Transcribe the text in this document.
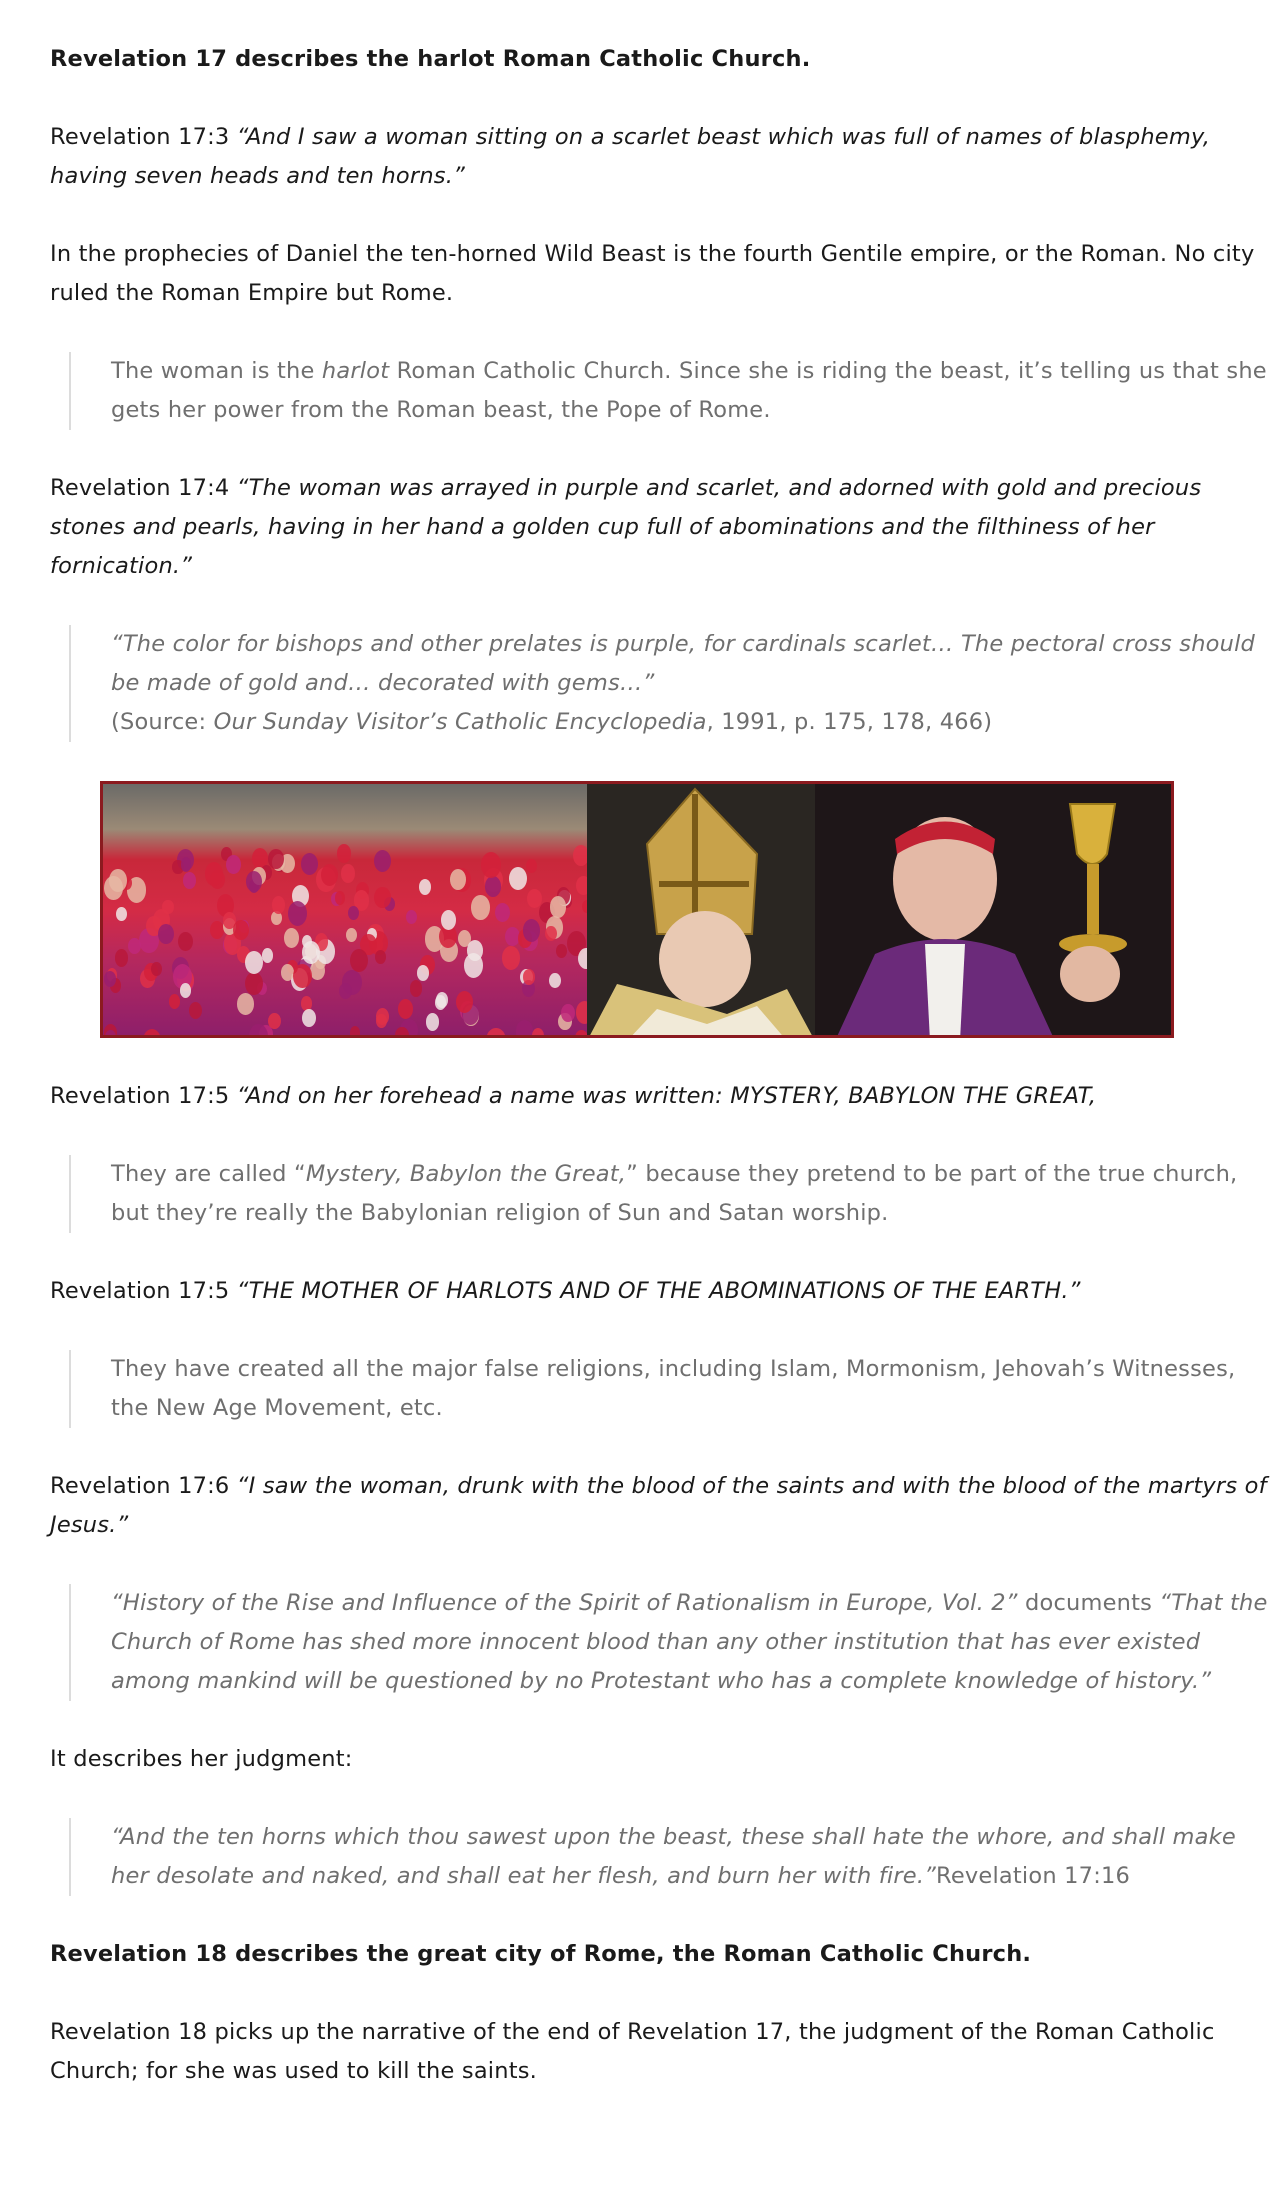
Revelation 17 describes the harlot Roman Catholic Church.

Revelation 17:3 “And I saw a woman sitting on a scarlet beast which was full of names of blasphemy, having seven heads and ten horns.”

In the prophecies of Daniel the ten-horned Wild Beast is the fourth Gentile empire, or the Roman. No city ruled the Roman Empire but Rome.

The woman is the harlot Roman Catholic Church. Since she is riding the beast, it’s telling us that she gets her power from the Roman beast, the Pope of Rome.

Revelation 17:4 “The woman was arrayed in purple and scarlet, and adorned with gold and precious stones and pearls, having in her hand a golden cup full of abominations and the filthiness of her fornication.”

“The color for bishops and other prelates is purple, for cardinals scarlet… The pectoral cross should be made of gold and… decorated with gems…”
(Source: Our Sunday Visitor’s Catholic Encyclopedia, 1991, p. 175, 178, 466)

Revelation 17:5 “And on her forehead a name was written: MYSTERY, BABYLON THE GREAT,

They are called “Mystery, Babylon the Great,” because they pretend to be part of the true church, but they’re really the Babylonian religion of Sun and Satan worship.

Revelation 17:5 “THE MOTHER OF HARLOTS AND OF THE ABOMINATIONS OF THE EARTH.”

They have created all the major false religions, including Islam, Mormonism, Jehovah’s Witnesses, the New Age Movement, etc.

Revelation 17:6 “I saw the woman, drunk with the blood of the saints and with the blood of the martyrs of Jesus.”

“History of the Rise and Influence of the Spirit of Rationalism in Europe, Vol. 2” documents “That the Church of Rome has shed more innocent blood than any other institution that has ever existed among mankind will be questioned by no Protestant who has a complete knowledge of history.”

It describes her judgment:

“And the ten horns which thou sawest upon the beast, these shall hate the whore, and shall make her desolate and naked, and shall eat her flesh, and burn her with fire.”Revelation 17:16

Revelation 18 describes the great city of Rome, the Roman Catholic Church.

Revelation 18 picks up the narrative of the end of Revelation 17, the judgment of the Roman Catholic Church; for she was used to kill the saints.
